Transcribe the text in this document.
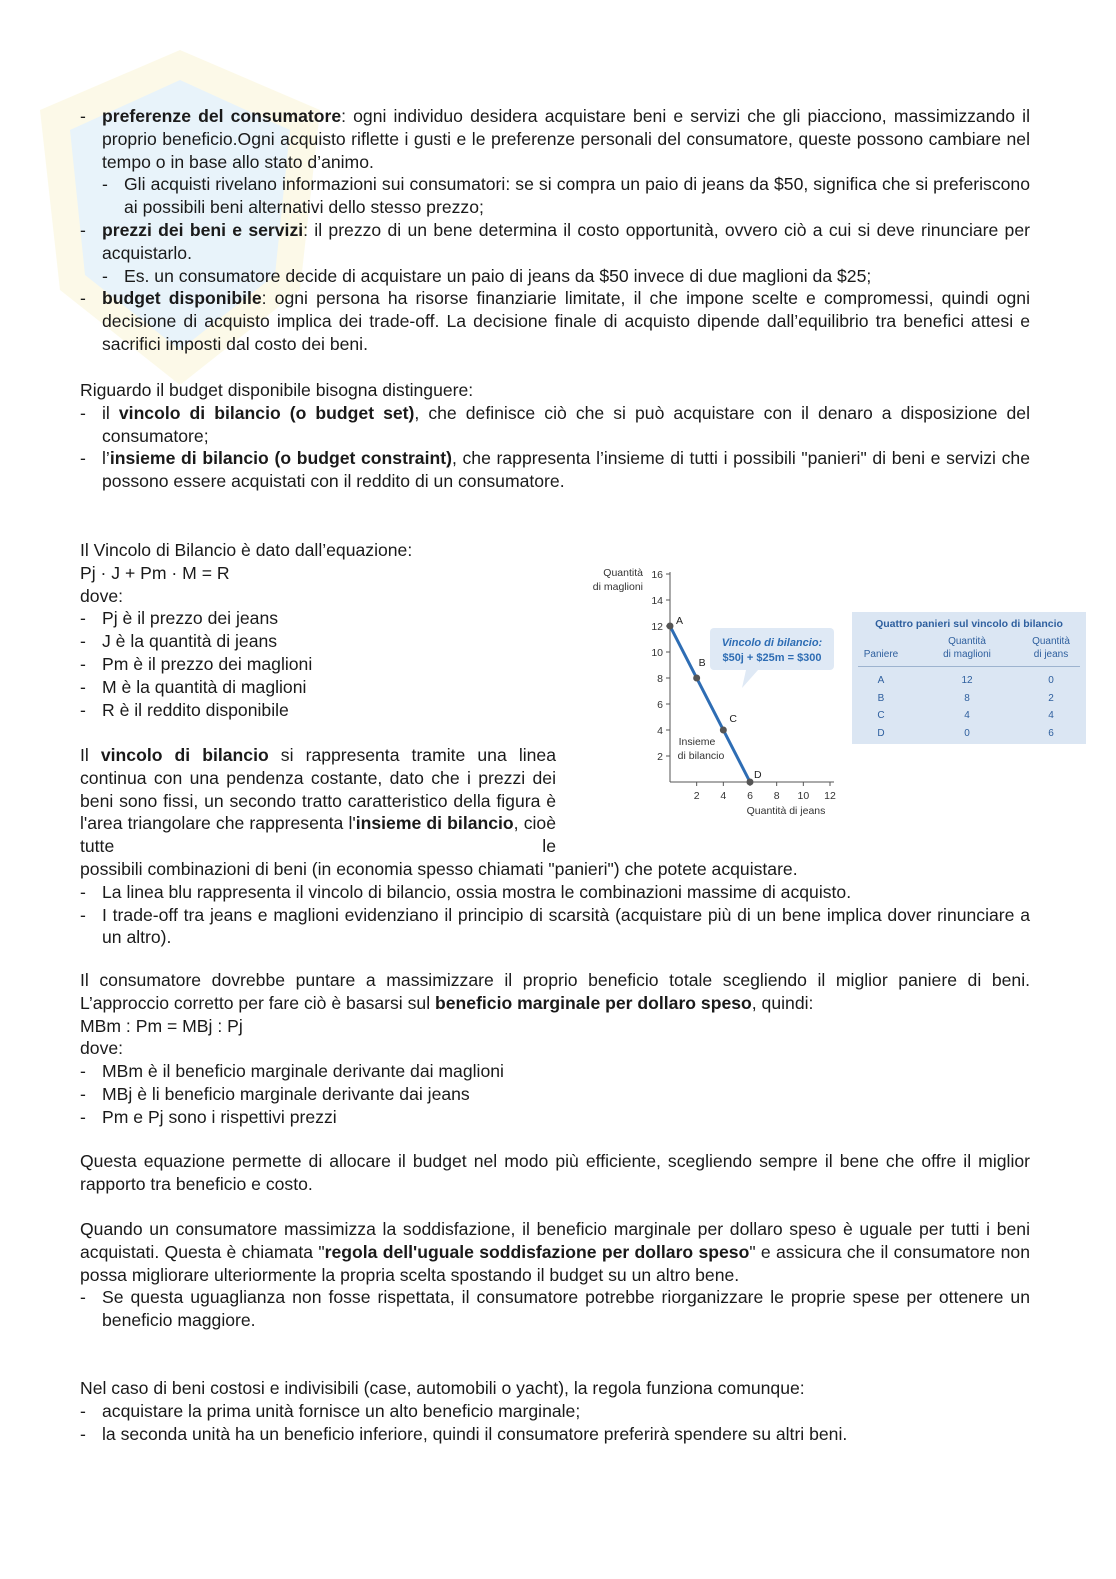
- preferenze del consumatore: ogni individuo desidera acquistare beni e servizi che gli piacciono, massimizzando il proprio beneficio.Ogni acquisto riflette i gusti e le preferenze personali del consumatore, queste possono cambiare nel tempo o in base allo stato d’animo.
- Gli acquisti rivelano informazioni sui consumatori: se si compra un paio di jeans da $50, significa che si preferiscono ai possibili beni alternativi dello stesso prezzo;
- prezzi dei beni e servizi: il prezzo di un bene determina il costo opportunità, ovvero ciò a cui si deve rinunciare per acquistarlo.
- Es. un consumatore decide di acquistare un paio di jeans da $50 invece di due maglioni da $25;
- budget disponibile: ogni persona ha risorse finanziarie limitate, il che impone scelte e compromessi, quindi ogni decisione di acquisto implica dei trade-off. La decisione finale di acquisto dipende dall’equilibrio tra benefici attesi e sacrifici imposti dal costo dei beni.
Riguardo il budget disponibile bisogna distinguere:
- il vincolo di bilancio (o budget set), che definisce ciò che si può acquistare con il denaro a disposizione del consumatore;
- l’insieme di bilancio (o budget constraint), che rappresenta l’insieme di tutti i possibili "panieri" di beni e servizi che possono essere acquistati con il reddito di un consumatore.
Il Vincolo di Bilancio è dato dall’equazione:
Pj · J + Pm · M = R
dove:
- Pj è il prezzo dei jeans
- J è la quantità di jeans
- Pm è il prezzo dei maglioni
- M è la quantità di maglioni
- R è il reddito disponibile
Il vincolo di bilancio si rappresenta tramite una linea continua con una pendenza costante, dato che i prezzi dei beni sono fissi, un secondo tratto caratteristico della figura è l'area triangolare che rappresenta l'insieme di bilancio, cioè tutte le
possibili combinazioni di beni (in economia spesso chiamati "panieri") che potete acquistare.
- La linea blu rappresenta il vincolo di bilancio, ossia mostra le combinazioni massime di acquisto.
- I trade-off tra jeans e maglioni evidenziano il principio di scarsità (acquistare più di un bene implica dover rinunciare a un altro).
Il consumatore dovrebbe puntare a massimizzare il proprio beneficio totale scegliendo il miglior paniere di beni. L’approccio corretto per fare ciò è basarsi sul beneficio marginale per dollaro speso, quindi:
MBm : Pm = MBj : Pj
dove:
- MBm è il beneficio marginale derivante dai maglioni
- MBj è li beneficio marginale derivante dai jeans
- Pm e Pj sono i rispettivi prezzi
Questa equazione permette di allocare il budget nel modo più efficiente, scegliendo sempre il bene che offre il miglior rapporto tra beneficio e costo.
Quando un consumatore massimizza la soddisfazione, il beneficio marginale per dollaro speso è uguale per tutti i beni acquistati. Questa è chiamata "regola dell'uguale soddisfazione per dollaro speso" e assicura che il consumatore non possa migliorare ulteriormente la propria scelta spostando il budget su un altro bene.
- Se questa uguaglianza non fosse rispettata, il consumatore potrebbe riorganizzare le proprie spese per ottenere un beneficio maggiore.
Nel caso di beni costosi e indivisibili (case, automobili o yacht), la regola funziona comunque:
- acquistare la prima unità fornisce un alto beneficio marginale;
- la seconda unità ha un beneficio inferiore, quindi il consumatore preferirà spendere su altri beni.
Quantità
di maglioni
Quantità di jeans
2 4 6 8 10 12
2
4
6
8
10
12
14
16
Insieme
di bilancio
A
B
C
D
Vincolo di bilancio:
$50j + $25m = $300
Quattro panieri sul vincolo di bilancio
Paniere
Quantità
di maglioni
Quantità
di jeans
A	12	0
B	8	2
C	4	4
D	0	6
